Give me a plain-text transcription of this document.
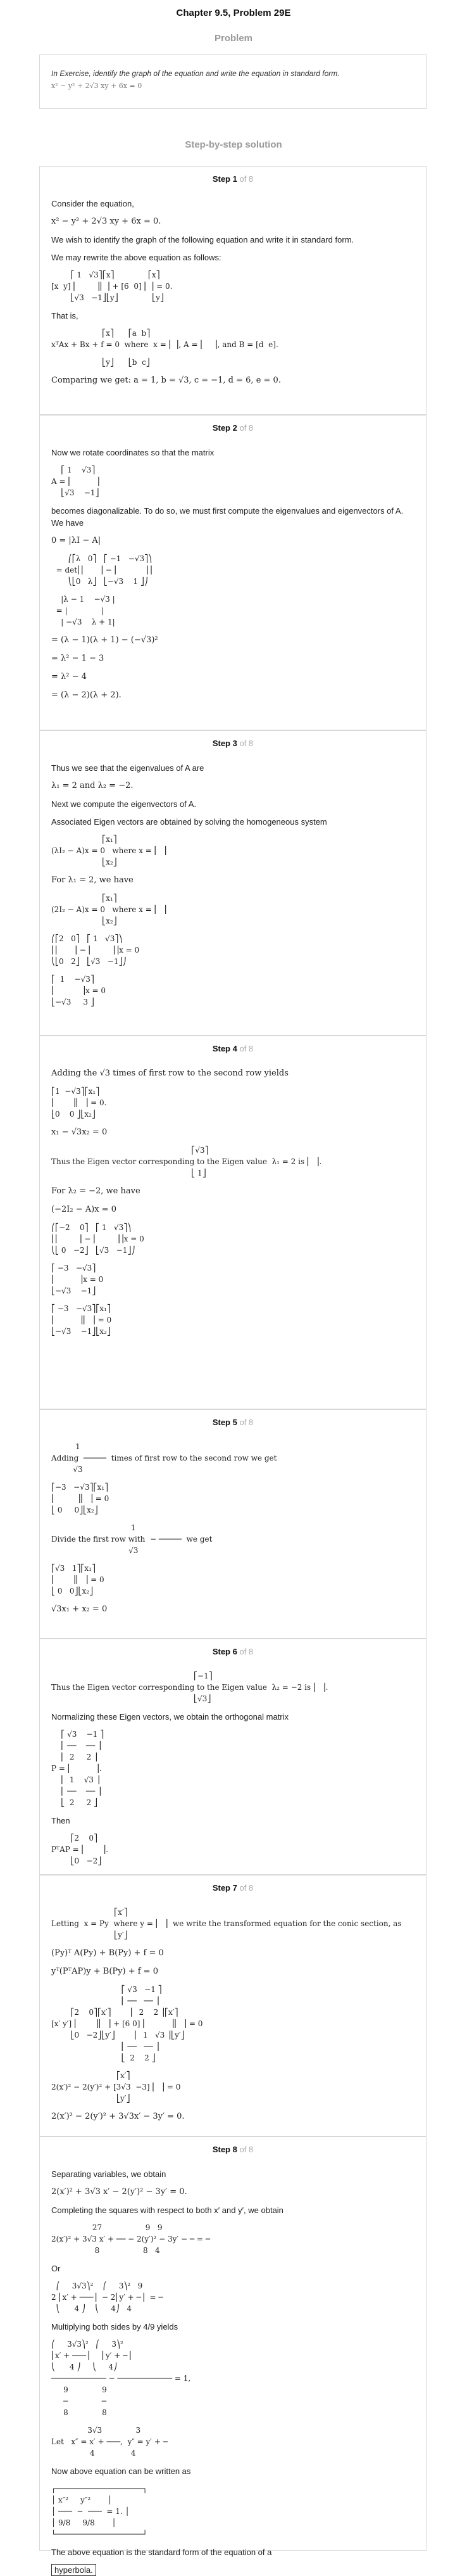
Chapter 9.5, Problem 29E
Problem
In Exercise, identify the graph of the equation and write the equation in standard form.
x² − y² + 2√3 xy + 6x = 0
Step-by-step solution
Step 1 of 8
Consider the equation,
x² − y² + 2√3 xy + 6x = 0.
We wish to identify the graph of the following equation and write it in standard form.
We may rewrite the above equation as follows:
⎡ 1   √3⎤⎡x⎤              ⎡x⎤
[x  y] ⎢        ⎥⎢ ⎥ + [6  0] ⎢ ⎥ = 0.
⎣√3   −1⎦⎣y⎦              ⎣y⎦
That is,
⎡x⎤      ⎡a  b⎤
xᵀAx + Bx + f = 0  where  x = ⎢ ⎥, A = ⎢    ⎥, and B = [d  e].
⎣y⎦      ⎣b  c⎦
Comparing we get: a = 1, b = √3, c = −1, d = 6, e = 0.
Step 2 of 8
Now we rotate coordinates so that the matrix
⎡ 1    √3⎤
A = ⎢          ⎥
⎣√3    −1⎦
becomes diagonalizable. To do so, we must first compute the eigenvalues and eigenvectors of A. We have
0 = |λI − A|
⎛⎡λ   0⎤   ⎡ −1   −√3⎤⎞
= det⎜⎢      ⎥ − ⎢           ⎥⎟
⎝⎣0   λ⎦   ⎣−√3    1 ⎦⎠
|λ − 1    −√3 |
= |              |
| −√3    λ + 1|
= (λ − 1)(λ + 1) − (−√3)²
= λ² − 1 − 3
= λ² − 4
= (λ − 2)(λ + 2).
Step 3 of 8
Thus we see that the eigenvalues of A are
λ₁ = 2 and λ₂ = −2.
Next we compute the eigenvectors of A.
Associated Eigen vectors are obtained by solving the homogeneous system
⎡x₁⎤
(λI₂ − A)x = 0   where x = ⎢  ⎥
⎣x₂⎦
For λ₁ = 2, we have
⎡x₁⎤
(2I₂ − A)x = 0   where x = ⎢  ⎥
⎣x₂⎦
⎛⎡2   0⎤   ⎡ 1   √3⎤⎞
⎜⎢      ⎥ − ⎢        ⎥⎟x = 0
⎝⎣0   2⎦   ⎣√3   −1⎦⎠
⎡  1    −√3⎤
⎢           ⎥x = 0
⎣−√3     3 ⎦
Step 4 of 8
Adding the √3 times of first row to the second row yields
⎡1  −√3⎤⎡x₁⎤
⎢       ⎥⎢  ⎥ = 0.
⎣0    0 ⎦⎣x₂⎦
x₁ − √3x₂ = 0
⎡√3⎤
Thus the Eigen vector corresponding to the Eigen value  λ₁ = 2 is ⎢  ⎥.
⎣ 1⎦
For λ₂ = −2, we have
(−2I₂ − A)x = 0
⎛⎡−2    0⎤   ⎡ 1   √3⎤⎞
⎜⎢        ⎥ − ⎢        ⎥⎟x = 0
⎝⎣ 0   −2⎦   ⎣√3   −1⎦⎠
⎡ −3   −√3⎤
⎢          ⎥x = 0
⎣−√3    −1⎦
⎡ −3   −√3⎤⎡x₁⎤
⎢          ⎥⎢  ⎥ = 0
⎣−√3    −1⎦⎣x₂⎦
Step 5 of 8
1
Adding  ─────  times of first row to the second row we get
√3
⎡−3   −√3⎤⎡x₁⎤
⎢         ⎥⎢  ⎥ = 0
⎣ 0     0⎦⎣x₂⎦
1
Divide the first row with  − ─────  we get
√3
⎡√3   1⎤⎡x₁⎤
⎢       ⎥⎢  ⎥ = 0
⎣ 0   0⎦⎣x₂⎦
√3x₁ + x₂ = 0
Step 6 of 8
⎡−1⎤
Thus the Eigen vector corresponding to the Eigen value  λ₂ = −2 is ⎢  ⎥.
⎣√3⎦
Normalizing these Eigen vectors, we obtain the orthogonal matrix
⎡ √3    −1 ⎤
⎢ ──    ── ⎥
⎢  2     2 ⎥
P = ⎢          ⎥.
⎢  1    √3 ⎥
⎢ ──    ── ⎥
⎣  2     2 ⎦
Then
⎡2    0⎤
PᵀAP = ⎢       ⎥.
⎣0   −2⎦
Step 7 of 8
⎡x′⎤
Letting  x = Py  where y = ⎢  ⎥  we write the transformed equation for the conic section, as
⎣y′⎦
(Py)ᵀ A(Py) + B(Py) + f = 0
yᵀ(PᵀAP)y + B(Py) + f = 0
⎡ √3   −1 ⎤
⎢ ──   ── ⎥
⎡2    0⎤⎡x′⎤        ⎢  2    2 ⎥⎡x′⎤
[x′ y′] ⎢       ⎥⎢  ⎥ + [6 0] ⎢          ⎥⎢  ⎥ = 0
⎣0   −2⎦⎣y′⎦        ⎢  1   √3 ⎥⎣y′⎦
⎢ ──   ── ⎥
⎣  2    2 ⎦
⎡x′⎤
2(x′)² − 2(y′)² + [3√3  −3] ⎢  ⎥ = 0
⎣y′⎦
2(x′)² − 2(y′)² + 3√3x′ − 3y′ = 0.
Step 8 of 8
Separating variables, we obtain
2(x′)² + 3√3 x′ − 2(y′)² − 3y′ = 0.
Completing the squares with respect to both x′ and y′, we obtain
27                  9   9
2(x′)² + 3√3 x′ + ── − 2(y′)² − 3y′ − ─ = ─
8                  8   4
Or
⎛     3√3⎞²    ⎛     3⎞²   9
2 ⎜x′ + ───⎟  − 2⎜y′ + ─⎟  = ─
⎝      4 ⎠    ⎝     4⎠   4
Multiplying both sides by 4/9 yields
⎛     3√3⎞²   ⎛     3⎞²
⎜x′ + ───⎟     ⎜y′ + ─⎟
⎝      4 ⎠     ⎝     4⎠
──────────── − ──────────── = 1,
9              9
─              ─
8              8
3√3              3
Let   x″ = x′ + ───,  y″ = y′ + ─
4               4
Now above equation can be written as
┌───────────────────┐
│ x″²     y″²       │
│ ───  −  ───  = 1. │
│ 9/8     9/8       │
└───────────────────┘
The above equation is the standard form of the equation of a
hyperbola.
